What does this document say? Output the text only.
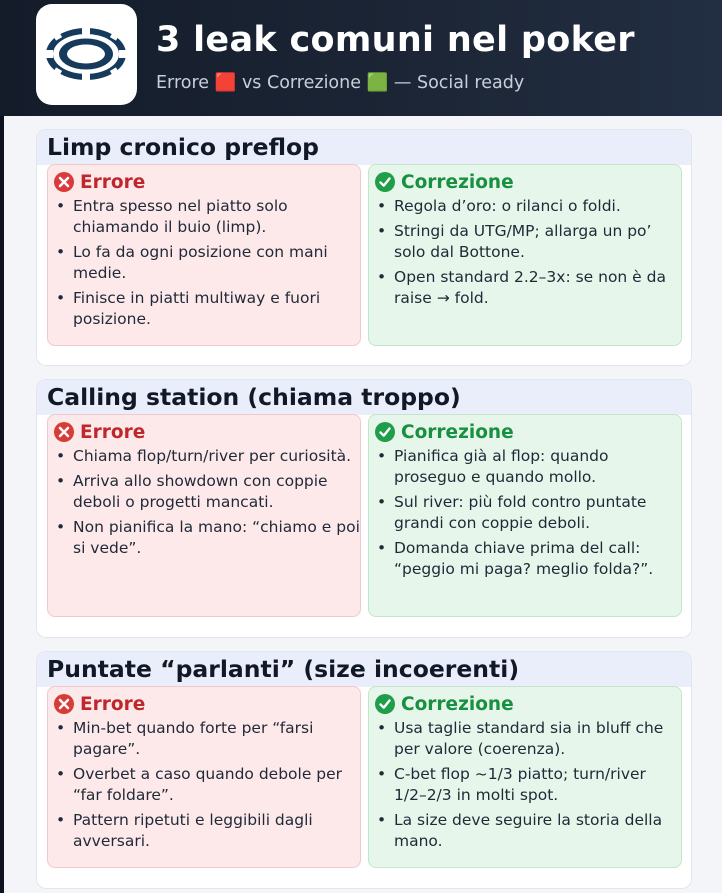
3 leak comuni nel poker
Errore 🟥 vs Correzione 🟩 — Social ready
Limp cronico preflop
Errore
• Entra spesso nel piatto solo chiamando il buio (limp).
• Lo fa da ogni posizione con mani medie.
• Finisce in piatti multiway e fuori posizione.
Correzione
• Regola d’oro: o rilanci o foldi.
• Stringi da UTG/MP; allarga un po’ solo dal Bottone.
• Open standard 2.2–3x: se non è da raise → fold.
Calling station (chiama troppo)
Errore
• Chiama flop/turn/river per curiosità.
• Arriva allo showdown con coppie deboli o progetti mancati.
• Non pianifica la mano: “chiamo e poi si vede”.
Correzione
• Pianifica già al flop: quando proseguo e quando mollo.
• Sul river: più fold contro puntate grandi con coppie deboli.
• Domanda chiave prima del call: “peggio mi paga? meglio folda?”.
Puntate “parlanti” (size incoerenti)
Errore
• Min-bet quando forte per “farsi pagare”.
• Overbet a caso quando debole per “far foldare”.
• Pattern ripetuti e leggibili dagli avversari.
Correzione
• Usa taglie standard sia in bluff che per valore (coerenza).
• C-bet flop ~1/3 piatto; turn/river 1/2–2/3 in molti spot.
• La size deve seguire la storia della mano.
